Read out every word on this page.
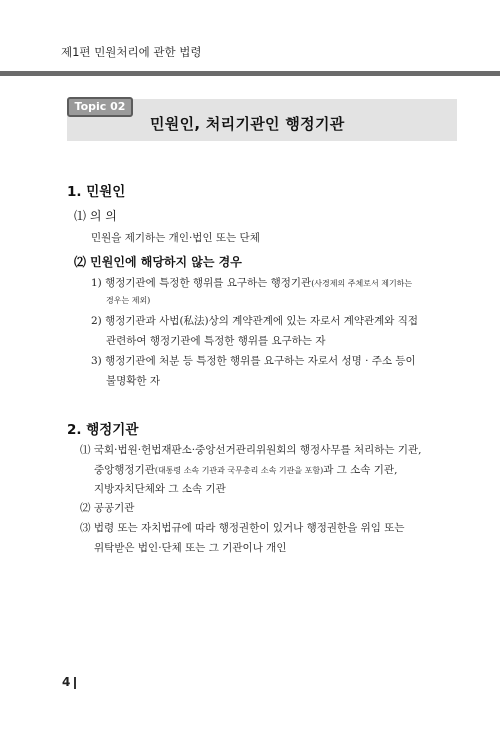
제1편 민원처리에 관한 법령
Topic 02
민원인, 처리기관인 행정기관
1. 민원인
⑴ 의 의
민원을 제기하는 개인·법인 또는 단체
⑵ 민원인에 해당하지 않는 경우
1) 행정기관에 특정한 행위를 요구하는 행정기관(사경제의 주체로서 제기하는
경우는 제외)
2) 행정기관과 사법(私法)상의 계약관계에 있는 자로서 계약관계와 직접
관련하여 행정기관에 특정한 행위를 요구하는 자
3) 행정기관에 처분 등 특정한 행위를 요구하는 자로서 성명 · 주소 등이
불명확한 자
2. 행정기관
⑴ 국회·법원·헌법재판소·중앙선거관리위원회의 행정사무를 처리하는 기관,
중앙행정기관(대통령 소속 기관과 국무총리 소속 기관을 포함)과 그 소속 기관,
지방자치단체와 그 소속 기관
⑵ 공공기관
⑶ 법령 또는 자치법규에 따라 행정권한이 있거나 행정권한을 위임 또는
위탁받은 법인·단체 또는 그 기관이나 개인
4
